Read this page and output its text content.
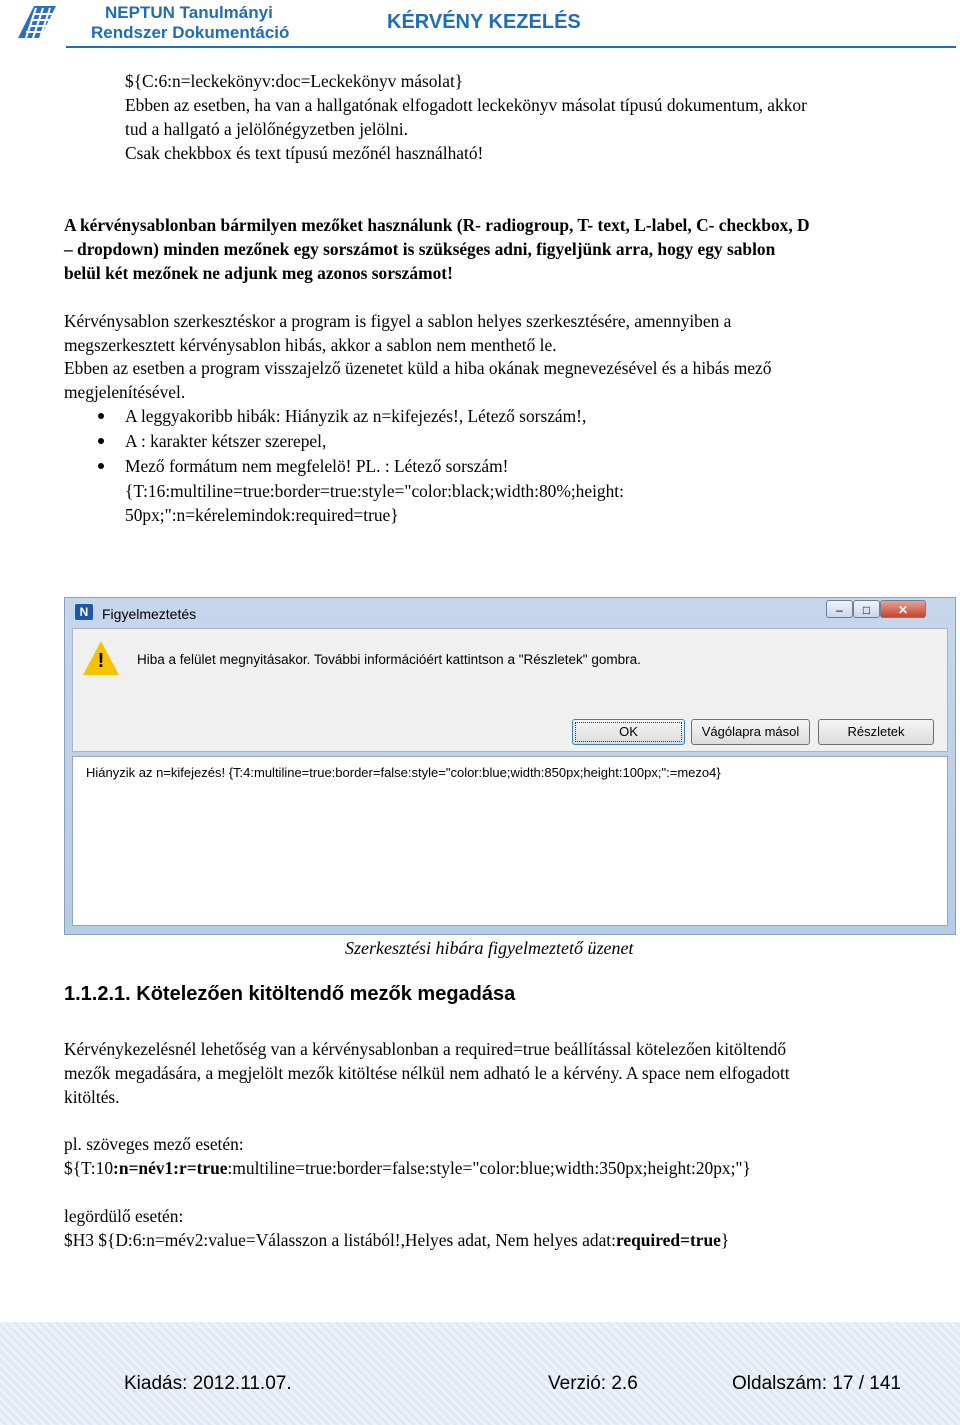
NEPTUN Tanulmányi
Rendszer Dokumentáció	KÉRVÉNY KEZELÉS
${C:6:n=leckekönyv:doc=Leckekönyv másolat}
Ebben az esetben, ha van a hallgatónak elfogadott leckekönyv másolat típusú dokumentum, akkor
tud a hallgató a jelölőnégyzetben jelölni.
Csak chekbbox és text típusú mezőnél használható!
A kérvénysablonban bármilyen mezőket használunk (R- radiogroup, T- text, L-label, C- checkbox, D
– dropdown) minden mezőnek egy sorszámot is szükséges adni, figyeljünk arra, hogy egy sablon
belül két mezőnek ne adjunk meg azonos sorszámot!
Kérvénysablon szerkesztéskor a program is figyel a sablon helyes szerkesztésére, amennyiben a
megszerkesztett kérvénysablon hibás, akkor a sablon nem menthető le.
Ebben az esetben a program visszajelző üzenetet küld a hiba okának megnevezésével és a hibás mező
megjelenítésével.
A leggyakoribb hibák: Hiányzik az n=kifejezés!, Létező sorszám!,
A : karakter kétszer szerepel,
Mező formátum nem megfelelö! PL. : Létező sorszám!
{T:16:multiline=true:border=true:style="color:black;width:80%;height:
50px;":n=kérelemindok:required=true}
N Figyelmeztetés	–	□	✕
! Hiba a felület megnyitásakor. További információért kattintson a "Részletek" gombra.
OK	Vágólapra másol	Részletek
Hiányzik az n=kifejezés! {T:4:multiline=true:border=false:style="color:blue;width:850px;height:100px;":=mezo4}
Szerkesztési hibára figyelmeztető üzenet
1.1.2.1. Kötelezően kitöltendő mezők megadása
Kérvénykezelésnél lehetőség van a kérvénysablonban a required=true beállítással kötelezően kitöltendő
mezők megadására, a megjelölt mezők kitöltése nélkül nem adható le a kérvény. A space nem elfogadott
kitöltés.
pl. szöveges mező esetén:
${T:10:n=név1:r=true:multiline=true:border=false:style="color:blue;width:350px;height:20px;"}
legördülő esetén:
$H3 ${D:6:n=mév2:value=Válasszon a listából!,Helyes adat, Nem helyes adat:required=true}
Kiadás: 2012.11.07.	Verzió: 2.6	Oldalszám: 17 / 141
